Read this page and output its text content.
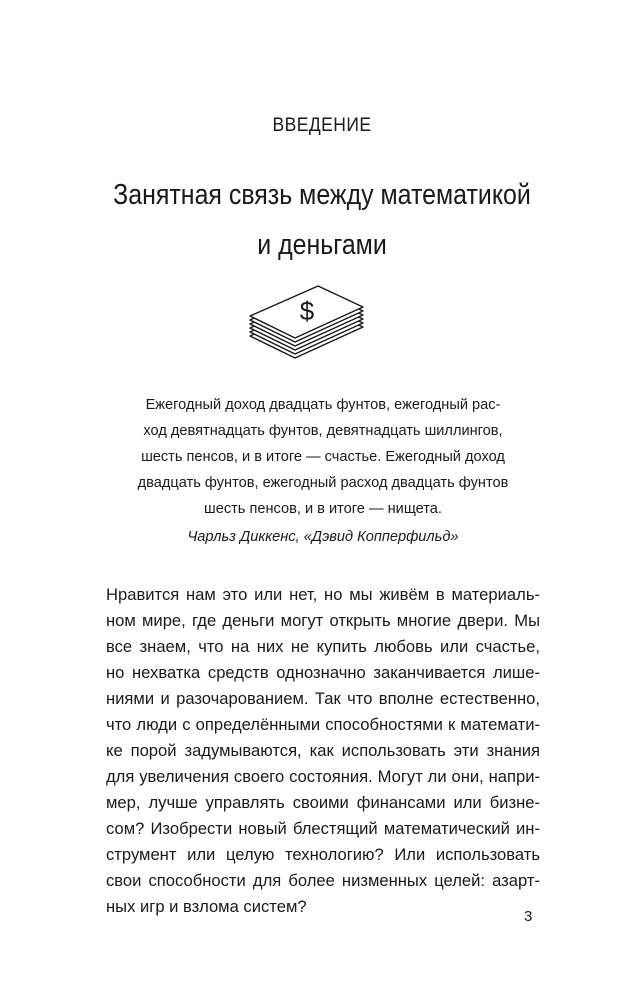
ВВЕДЕНИЕ
Занятная связь между математикой
и деньгами
$
Ежегодный доход двадцать фунтов, ежегодный рас-
ход девятнадцать фунтов, девятнадцать шиллингов,
шесть пенсов, и в итоге — счастье. Ежегодный доход
двадцать фунтов, ежегодный расход двадцать фунтов
шесть пенсов, и в итоге — нищета.
Чарльз Диккенс, «Дэвид Копперфильд»
Нравится нам это или нет, но мы живём в материаль-
ном мире, где деньги могут открыть многие двери. Мы
все знаем, что на них не купить любовь или счастье,
но нехватка средств однозначно заканчивается лише-
ниями и разочарованием. Так что вполне естественно,
что люди с определёнными способностями к математи-
ке порой задумываются, как использовать эти знания
для увеличения своего состояния. Могут ли они, напри-
мер, лучше управлять своими финансами или бизне-
сом? Изобрести новый блестящий математический ин-
струмент или целую технологию? Или использовать
свои способности для более низменных целей: азарт-
ных игр и взлома систем?
3
